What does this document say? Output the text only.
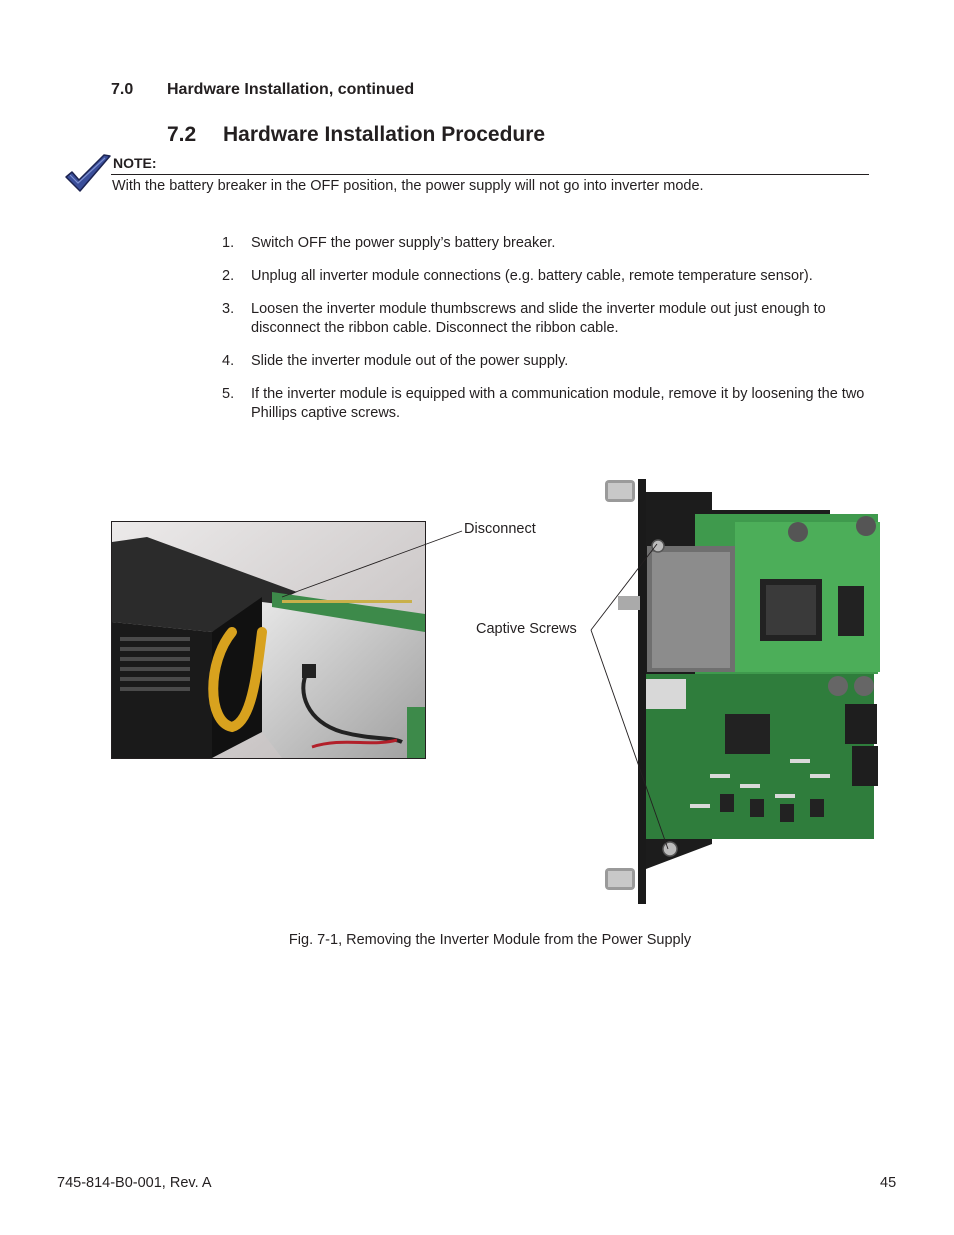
7.0 Hardware Installation, continued
7.2 Hardware Installation Procedure
NOTE:
With the battery breaker in the OFF position, the power supply will not go into inverter mode.
1. Switch OFF the power supply’s battery breaker.
2. Unplug all inverter module connections (e.g. battery cable, remote temperature sensor).
3. Loosen the inverter module thumbscrews and slide the inverter module out just enough to disconnect the ribbon cable. Disconnect the ribbon cable.
4. Slide the inverter module out of the power supply.
5. If the inverter module is equipped with a communication module, remove it by loosening the two Phillips captive screws.
Disconnect
Captive Screws
Fig. 7-1, Removing the Inverter Module from the Power Supply
745-814-B0-001, Rev. A	45
